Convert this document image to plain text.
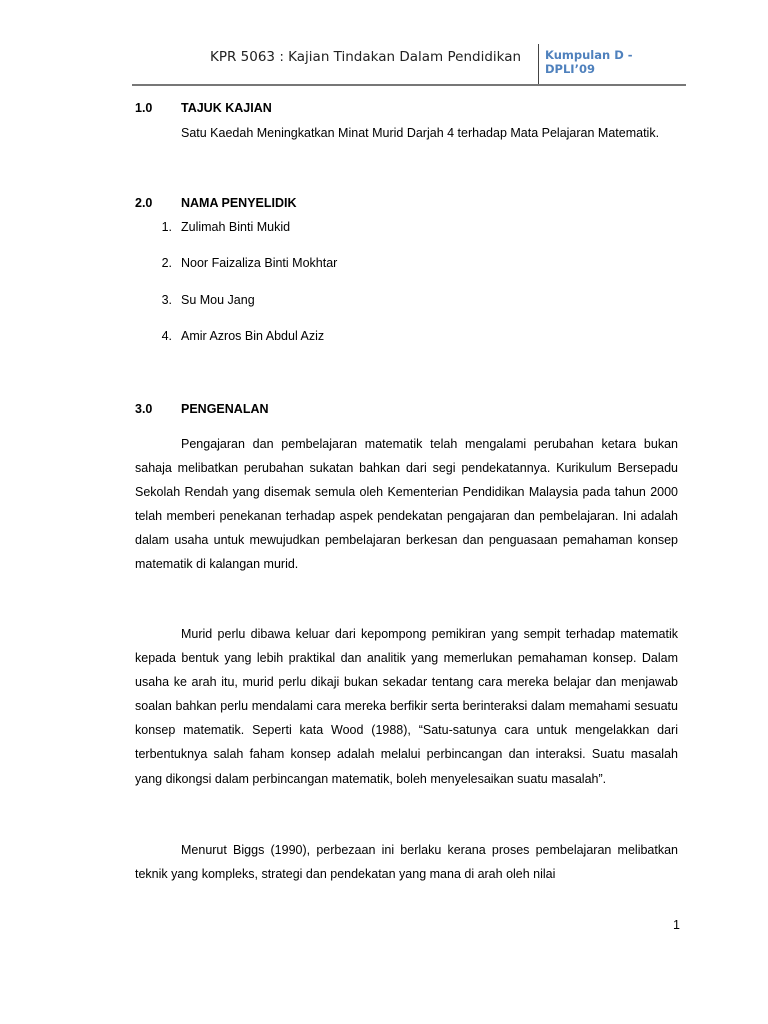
KPR 5063 : Kajian Tindakan Dalam Pendidikan	Kumpulan D -
DPLI’09
1.0 TAJUK KAJIAN
Satu Kaedah Meningkatkan Minat Murid Darjah 4 terhadap Mata Pelajaran Matematik.
2.0 NAMA PENYELIDIK
1. Zulimah Binti Mukid
2. Noor Faizaliza Binti Mokhtar
3. Su Mou Jang
4. Amir Azros Bin Abdul Aziz
3.0 PENGENALAN
Pengajaran dan pembelajaran matematik telah mengalami perubahan ketara bukan sahaja melibatkan perubahan sukatan bahkan dari segi pendekatannya. Kurikulum Bersepadu Sekolah Rendah yang disemak semula oleh Kementerian Pendidikan Malaysia pada tahun 2000 telah memberi penekanan terhadap aspek pendekatan pengajaran dan pembelajaran. Ini adalah dalam usaha untuk mewujudkan pembelajaran berkesan dan penguasaan pemahaman konsep matematik di kalangan murid.
Murid perlu dibawa keluar dari kepompong pemikiran yang sempit terhadap matematik kepada bentuk yang lebih praktikal dan analitik yang memerlukan pemahaman konsep. Dalam usaha ke arah itu, murid perlu dikaji bukan sekadar tentang cara mereka belajar dan menjawab soalan bahkan perlu mendalami cara mereka berfikir serta berinteraksi dalam memahami sesuatu konsep matematik. Seperti kata Wood (1988), “Satu-satunya cara untuk mengelakkan dari terbentuknya salah faham konsep adalah melalui perbincangan dan interaksi. Suatu masalah yang dikongsi dalam perbincangan matematik, boleh menyelesaikan suatu masalah”.
Menurut Biggs (1990), perbezaan ini berlaku kerana proses pembelajaran melibatkan teknik yang kompleks, strategi dan pendekatan yang mana di arah oleh nilai
1
